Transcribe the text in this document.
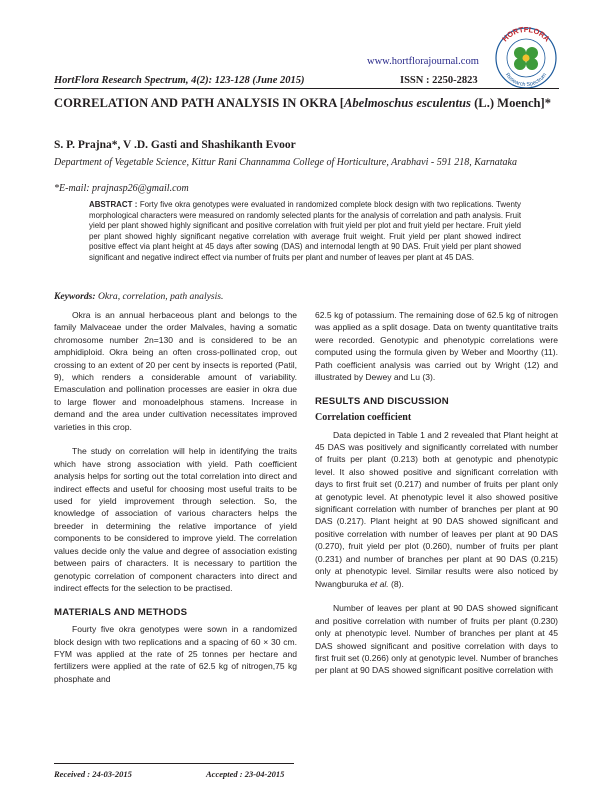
www.hortflorajournal.com
HortFlora Research Spectrum, 4(2): 123-128 (June 2015)	ISSN : 2250-2823
HORTFLORA
Research Spectrum
CORRELATION AND PATH ANALYSIS IN OKRA [Abelmoschus esculentus (L.) Moench]*
S. P. Prajna*, V .D. Gasti and Shashikanth Evoor
Department of Vegetable Science, Kittur Rani Channamma College of Horticulture, Arabhavi - 591 218, Karnataka
*E-mail: prajnasp26@gmail.com
ABSTRACT : Forty five okra genotypes were evaluated in randomized complete block design with two replications. Twenty morphological characters were measured on randomly selected plants for the analysis of correlation and path analysis. Fruit yield per plant showed highly significant and positive correlation with fruit yield per plot and fruit yield per hectare. Fruit yield per plant showed highly significant negative correlation with average fruit weight. Fruit yield per plant showed indirect positive effect via plant height at 45 days after sowing (DAS) and internodal length at 90 DAS. Fruit yield per plant showed significant and negative indirect effect via number of fruits per plant and number of leaves per plant at 45 DAS.
Keywords: Okra, correlation, path analysis.

Okra is an annual herbaceous plant and belongs to the family Malvaceae under the order Malvales, having a somatic chromosome number 2n=130 and is considered to be an amphidiploid. Okra being an often cross-pollinated crop, out crossing to an extent of 20 per cent by insects is reported (Patil, 9), which renders a considerable amount of variability. Emasculation and pollination processes are easier in okra due to large flower and monoadelphous stamens. Increase in demand and the area under cultivation necessitates improved varieties in this crop.

The study on correlation will help in identifying the traits which have strong association with yield. Path coefficient analysis helps for sorting out the total correlation into direct and indirect effects and useful for choosing most useful traits to be used for yield improvement through selection. So, the knowledge of association of various characters helps the breeder in determining the relative importance of yield components to be considered to improve yield. The correlation values decide only the value and degree of association existing between pairs of characters. It is necessary to partition the genotypic correlation of component characters into direct and indirect effects for the selection to be practised.

MATERIALS AND METHODS

Fourty five okra genotypes were sown in a randomized block design with two replications and a spacing of 60 × 30 cm. FYM was applied at the rate of 25 tonnes per hectare and fertilizers were applied at the rate of 62.5 kg of nitrogen,75 kg phosphate and

62.5 kg of potassium. The remaining dose of 62.5 kg of nitrogen was applied as a split dosage. Data on twenty quantitative traits were recorded. Genotypic and phenotypic correlations were computed using the formula given by Weber and Moorthy (11). Path coefficient analysis was carried out by Wright (12) and illustrated by Dewey and Lu (3).

RESULTS AND DISCUSSION
Correlation coefficient

Data depicted in Table 1 and 2 revealed that Plant height at 45 DAS was positively and significantly correlated with number of fruits per plant (0.213) both at genotypic and phenotypic level. It also showed positive and significant correlation with days to first fruit set (0.217) and number of fruits per plant only at genotypic level. At phenotypic level it also showed positive significant correlation with number of branches per plant at 90 DAS (0.217). Plant height at 90 DAS showed significant and positive correlation with number of leaves per plant at 90 DAS (0.270), fruit yield per plot (0.260), number of fruits per plant (0.231) and number of branches per plant at 90 DAS (0.215) only at phenotypic level. Similar results were also noticed by Nwangburuka et al. (8).

Number of leaves per plant at 90 DAS showed significant and positive correlation with number of fruits per plant (0.230) only at phenotypic level. Number of branches per plant at 45 DAS showed significant and positive correlation with days to first fruit set (0.266) only at genotypic level. Number of branches per plant at 90 DAS showed significant positive correlation with

Received : 24-03-2015	Accepted : 23-04-2015
